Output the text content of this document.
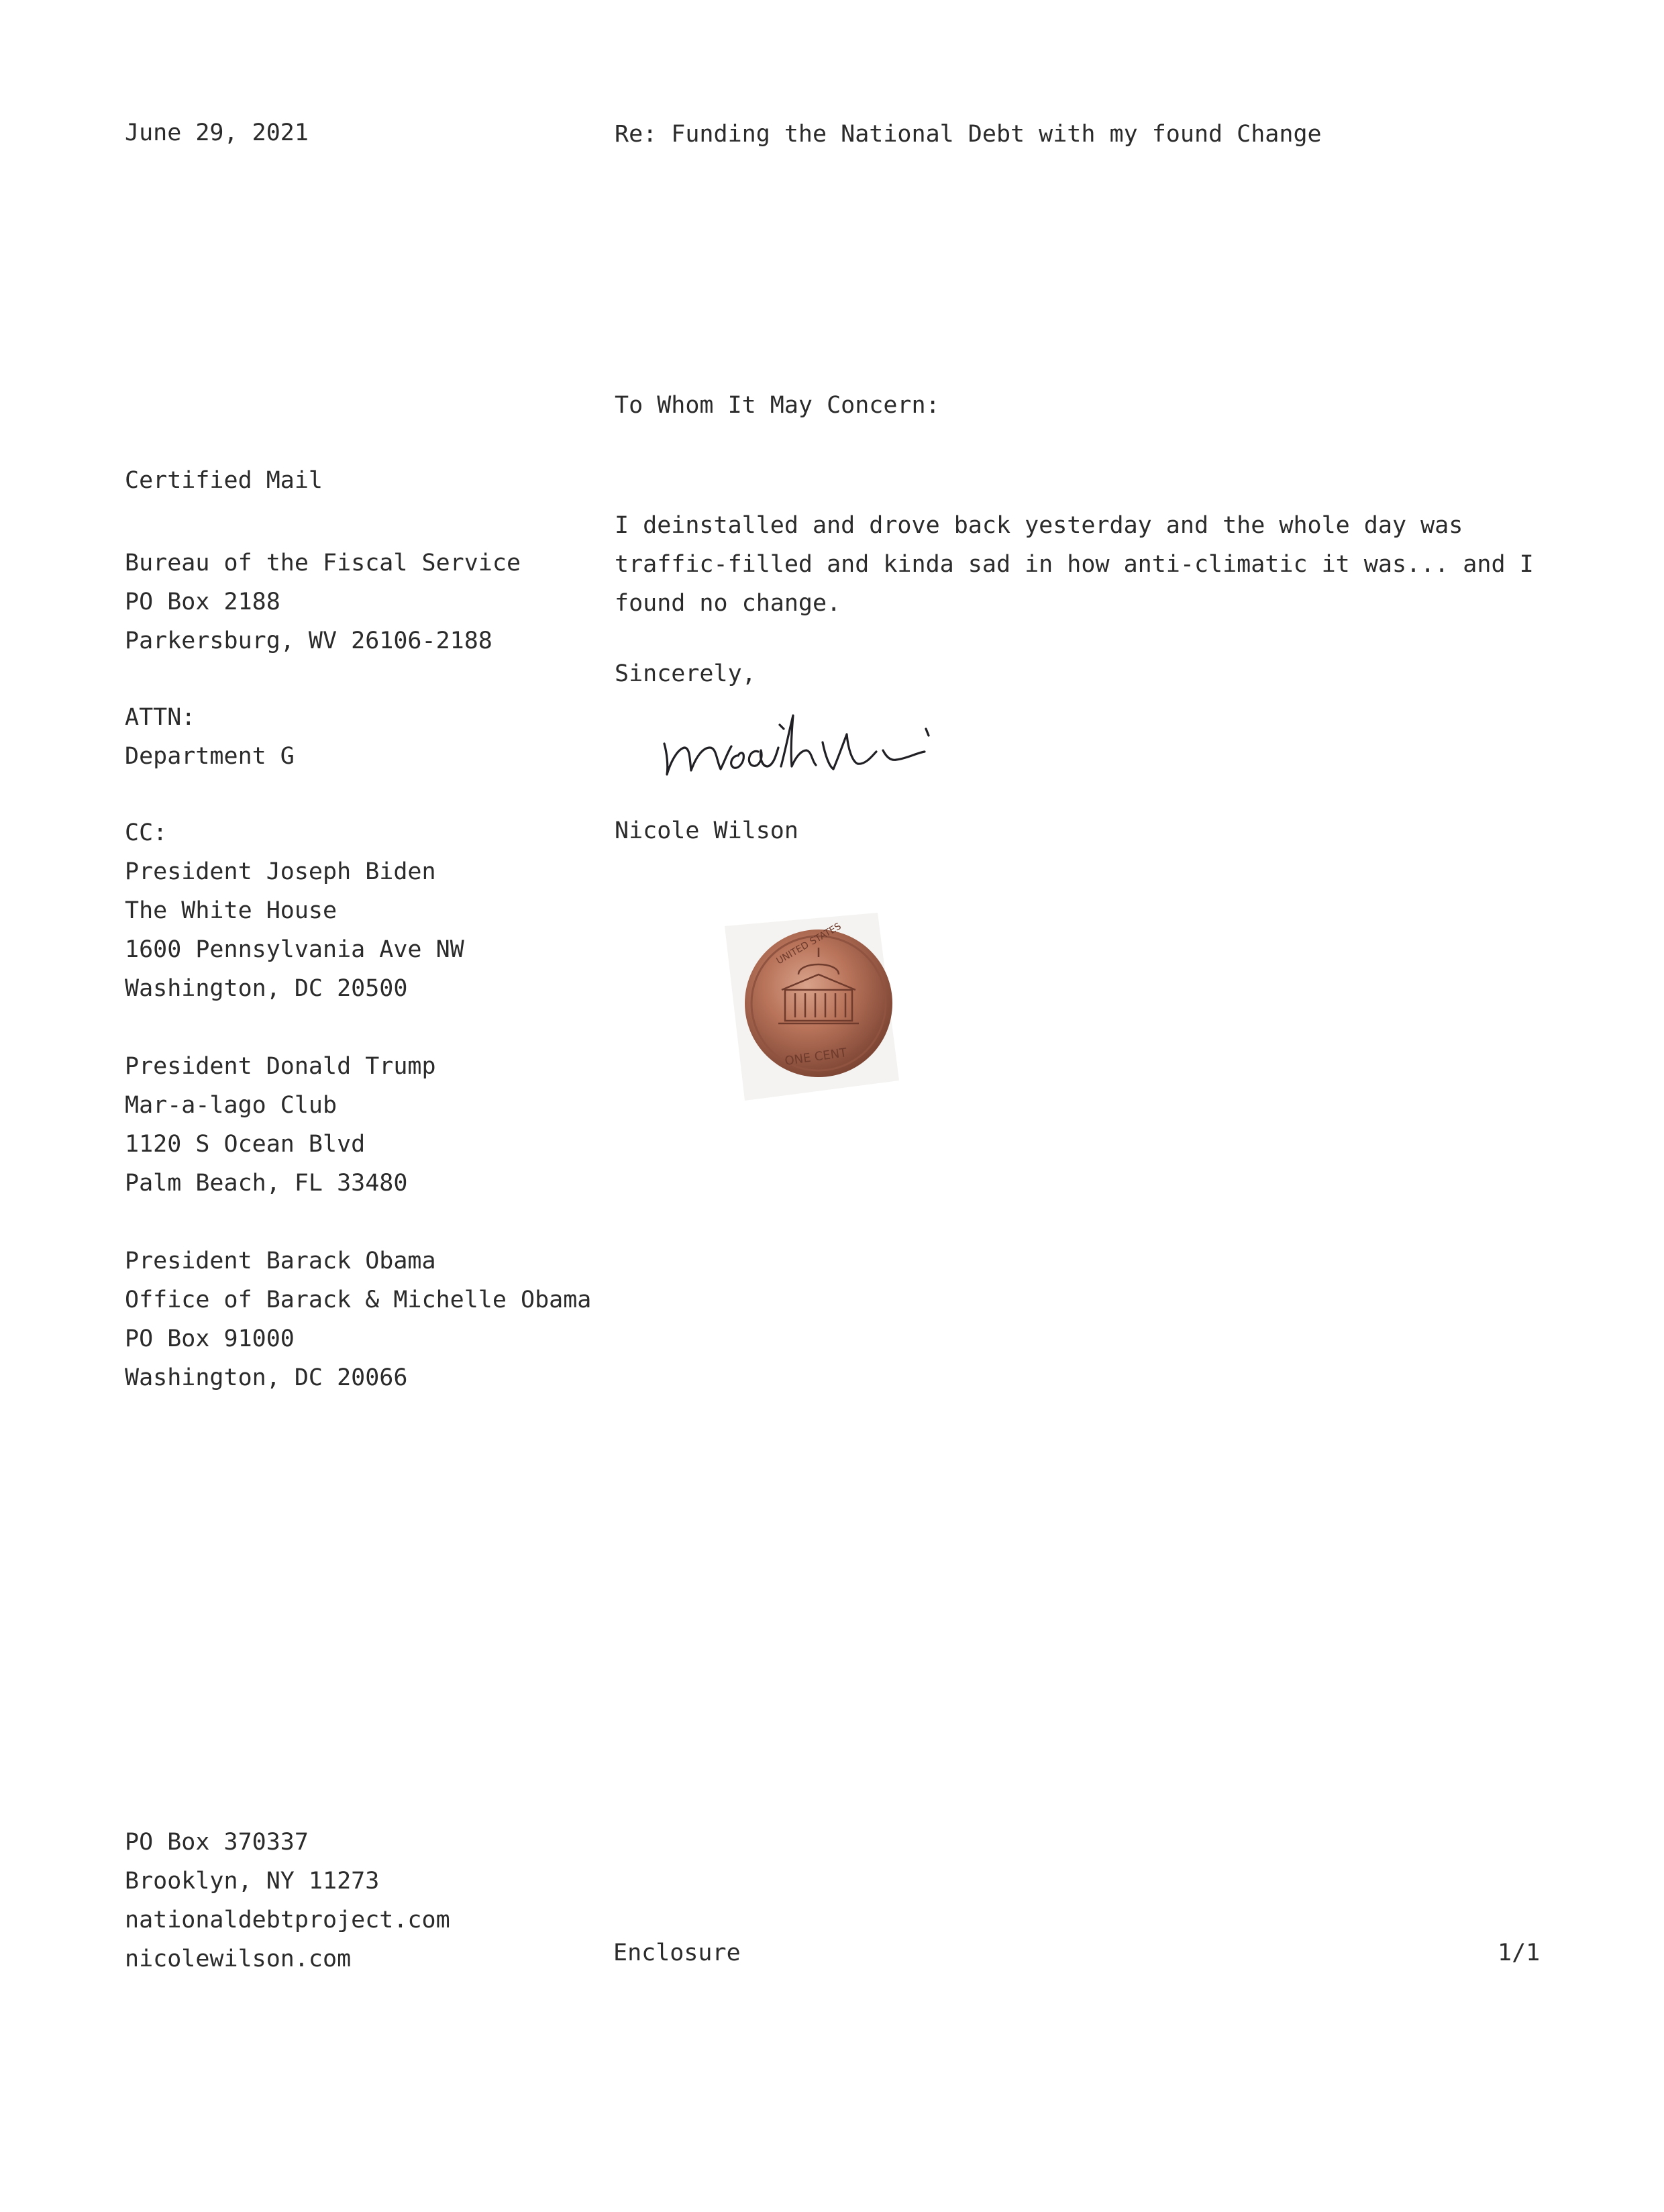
June 29, 2021	Re: Funding the National Debt with my found Change
To Whom It May Concern:
Certified Mail
Bureau of the Fiscal Service
PO Box 2188
Parkersburg, WV 26106-2188
ATTN:
Department G
CC:
President Joseph Biden
The White House
1600 Pennsylvania Ave NW
Washington, DC 20500
President Donald Trump
Mar-a-lago Club
1120 S Ocean Blvd
Palm Beach, FL 33480
President Barack Obama
Office of Barack & Michelle Obama
PO Box 91000
Washington, DC 20066
I deinstalled and drove back yesterday and the whole day was
traffic-filled and kinda sad in how anti-climatic it was... and I
found no change.
Sincerely,
Nicole Wilson
ONE CENT
UNITED STATES
PO Box 370337
Brooklyn, NY 11273
nationaldebtproject.com
nicolewilson.com	Enclosure	1/1
